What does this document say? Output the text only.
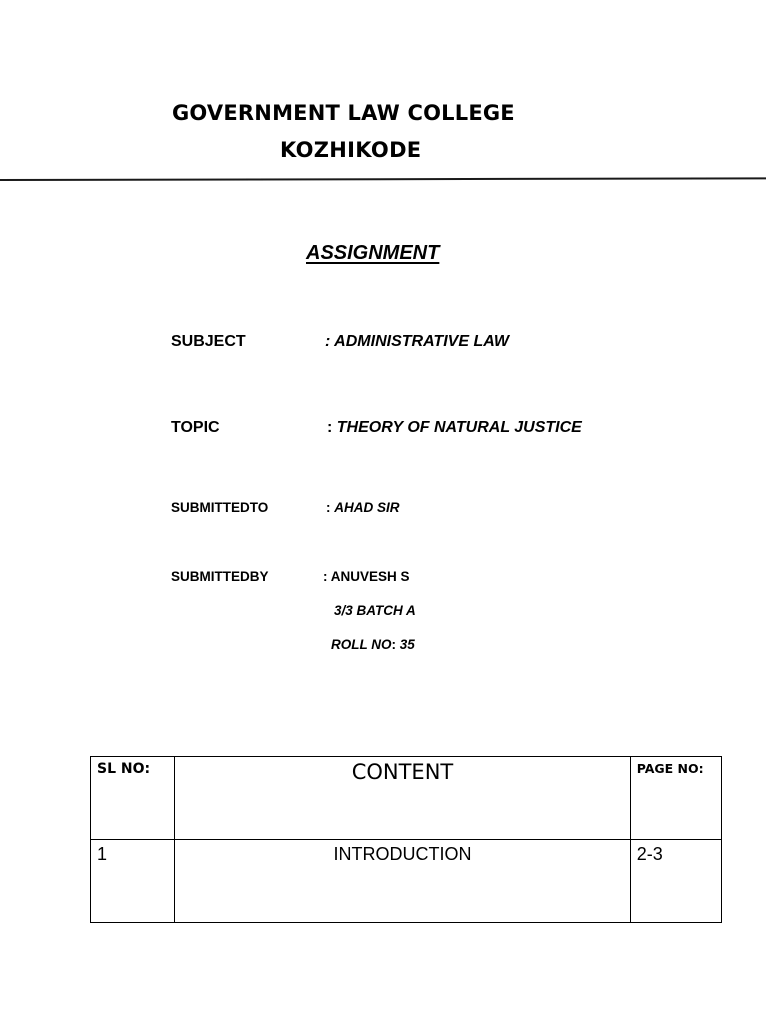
GOVERNMENT LAW COLLEGE
KOZHIKODE
ASSIGNMENT
SUBJECT	: ADMINISTRATIVE LAW
TOPIC	: THEORY OF NATURAL JUSTICE
SUBMITTEDTO	: AHAD SIR
SUBMITTEDBY	: ANUVESH S
3/3 BATCH A
ROLL NO: 35
SL NO:	CONTENT	PAGE NO:
1	INTRODUCTION	2-3
